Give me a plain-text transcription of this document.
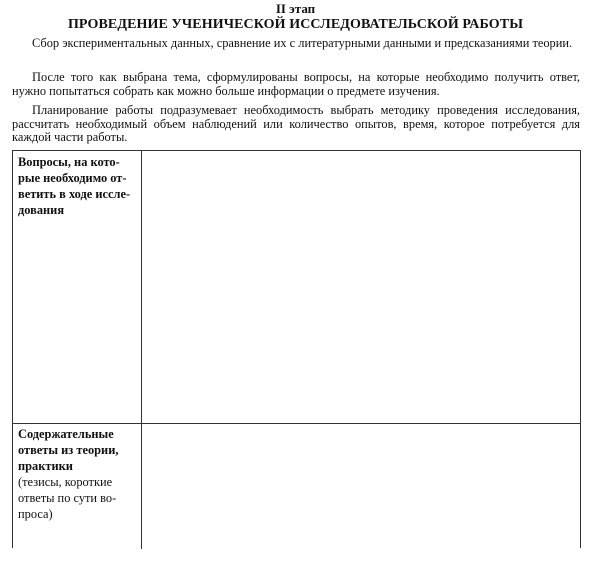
II этап
ПРОВЕДЕНИЕ УЧЕНИЧЕСКОЙ ИССЛЕДОВАТЕЛЬСКОЙ РАБОТЫ
Сбор экспериментальных данных, сравнение их с литературными данными и предсказаниями теории.
После того как выбрана тема, сформулированы вопросы, на которые необходимо получить ответ, нужно попытаться собрать как можно больше информации о предмете изучения.
Планирование работы подразумевает необходимость выбрать методику проведения исследования, рассчитать необходимый объем наблюдений или количество опытов, время, которое потребуется для каждой части работы.
Вопросы, на кото-
рые необходимо от-
ветить в ходе иссле-
дования
Содержательные
ответы из теории,
практики
(тезисы, короткие
ответы по сути во-
проса)
